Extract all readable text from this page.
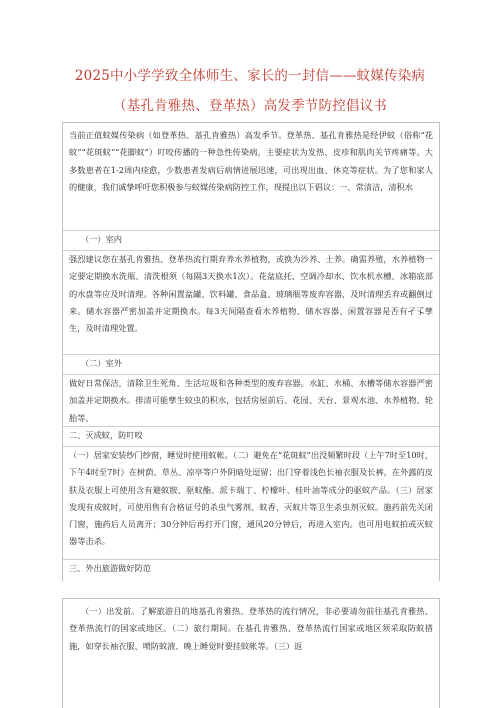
2025中小学学致全体师生、家长的一封信——蚊媒传染病
（基孔肯雅热、登革热）高发季节防控倡议书

当前正值蚊媒传染病（如登革热、基孔肯雅热）高发季节。登革热、基孔肯雅热是经伊蚊（俗称“花蚊”“花斑蚊”“花脚蚊”）叮咬传播的一种急性传染病，主要症状为发热、皮疹和肌肉关节疼痛等。大多数患者在1-2周内痊愈，少数患者发病后病情进展迅速，可出现出血、休克等症状。为了您和家人的健康，我们诚挚呼吁您积极参与蚊媒传染病防控工作，现提出以下倡议：一、常清洁，清积水

（一）室内

强烈建议您在基孔肯雅热、登革热流行期弃养水养植物，或换为沙养、土养。确需养殖，水养植物一定要定期换水洗瓶、清洗根须（每隔3天换水1次）。花盆底托、空调冷却水、饮水机水槽、冰箱底部的水盘等应及时清理。各种闲置盆罐、饮料罐、食品盒、玻璃瓶等废弃容器，及时清理丢弃或翻倒过来。储水容器严密加盖并定期换水。每3天间隔查看水养植物、储水容器、闲置容器是否有孑孓孳生，及时清理处置。

（二）室外

做好日常保洁，清除卫生死角、生活垃圾和各种类型的废弃容器。水缸、水桶、水槽等储水容器严密加盖并定期换水。排清可能孳生蚊虫的积水，包括房屋前后、花园、天台、景观水池、水养植物、轮胎等。

二、灭成蚊，防叮咬

（一）居家安装纱门纱窗，睡觉时使用蚊帐。（二）避免在“花斑蚊”出没频繁时段（上午7时至10时，下午4时至7时）在树荫、草丛、凉亭等户外阴暗处逗留；出门穿着浅色长袖衣服及长裤，在外露的皮肤及衣服上可使用含有避蚊胺、驱蚊酯、派卡瑞丁、柠檬叶、桂叶油等成分的驱蚊产品。（三）居家发现有成蚊时，可使用售有合格证号的杀虫气雾剂、蚊香、灭蚊片等卫生杀虫剂灭蚊。施药前先关闭门窗，施药后人员离开；30分钟后再打开门窗，通风20分钟后，再进入室内。也可用电蚊拍或灭蚊器等击杀。

三、外出旅游做好防范

（一）出发前。了解旅游目的地基孔肯雅热、登革热的流行情况，非必要请勿前往基孔肯雅热、登革热流行的国家或地区。（二）旅行期间。在基孔肯雅热、登革热流行国家或地区须采取防蚊措施，如穿长袖衣服、喷防蚊液、晚上睡觉时要挂蚊帐等。（三）返
